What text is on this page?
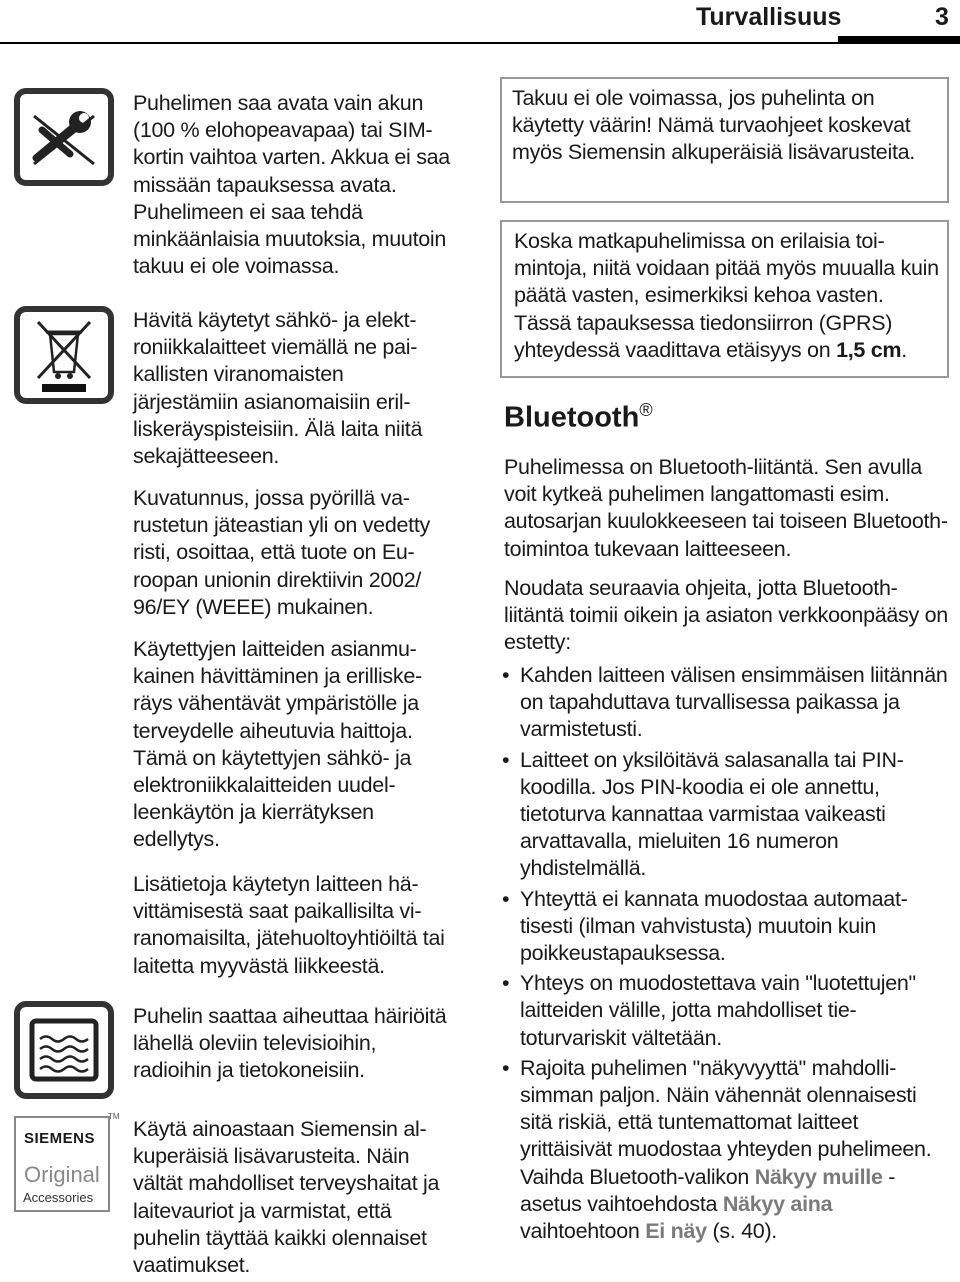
Turvallisuus	3
SIEMENS
Original
Accessories
TM
Puhelimen saa avata vain akun (100 % elohopeavapaa) tai SIM-kortin vaihtoa varten. Akkua ei saa missään tapauksessa avata. Puhelimeen ei saa tehdä minkäänlaisia muutoksia, muutoin takuu ei ole voimassa.
Hävitä käytetyt sähkö- ja elektroniikkalaitteet viemällä ne paikallisten viranomaisten järjestämiin asianomaisiin erilliskeräyspisteisiin. Älä laita niitä sekajätteeseen.
Kuvatunnus, jossa pyörillä varustetun jäteastian yli on vedetty risti, osoittaa, että tuote on Euroopan unionin direktiivin 2002/ 96/EY (WEEE) mukainen.
Käytettyjen laitteiden asianmukainen hävittäminen ja erilliskeräys vähentävät ympäristölle ja terveydelle aiheutuvia haittoja. Tämä on käytettyjen sähkö- ja elektroniikkalaitteiden uudelleenkäytön ja kierrätyksen edellytys.
Lisätietoja käytetyn laitteen hävittämisestä saat paikallisilta viranomaisilta, jätehuoltoyhtiöiltä tai laitetta myyvästä liikkeestä.
Puhelin saattaa aiheuttaa häiriöitä lähellä oleviin televisioihin, radioihin ja tietokoneisiin.
Käytä ainoastaan Siemensin alkuperäisiä lisävarusteita. Näin vältät mahdolliset terveyshaitat ja laitevauriot ja varmistat, että puhelin täyttää kaikki olennaiset vaatimukset.
Takuu ei ole voimassa, jos puhelinta on käytetty väärin! Nämä turvaohjeet koskevat myös Siemensin alkuperäisiä lisävarusteita.
Koska matkapuhelimissa on erilaisia toimintoja, niitä voidaan pitää myös muualla kuin päätä vasten, esimerkiksi kehoa vasten. Tässä tapauksessa tiedonsiirron (GPRS) yhteydessä vaadittava etäisyys on 1,5 cm.
Bluetooth®
Puhelimessa on Bluetooth-liitäntä. Sen avulla voit kytkeä puhelimen langattomasti esim. autosarjan kuulokkeeseen tai toiseen Bluetooth-toimintoa tukevaan laitteeseen.
Noudata seuraavia ohjeita, jotta Bluetoothliitäntä toimii oikein ja asiaton verkkoonpääsy on estetty:
• Kahden laitteen välisen ensimmäisen liitännän on tapahduttava turvallisessa paikassa ja varmistetusti.
• Laitteet on yksilöitävä salasanalla tai PIN-koodilla. Jos PIN-koodia ei ole annettu, tietoturva kannattaa varmistaa vaikeasti arvattavalla, mieluiten 16 numeron yhdistelmällä.
• Yhteyttä ei kannata muodostaa automaattisesti (ilman vahvistusta) muutoin kuin poikkeustapauksessa.
• Yhteys on muodostettava vain "luotettujen" laitteiden välille, jotta mahdolliset tietoturvariskit vältetään.
• Rajoita puhelimen "näkyvyyttä" mahdollisimman paljon. Näin vähennät olennaisesti sitä riskiä, että tuntemattomat laitteet yrittäisivät muodostaa yhteyden puhelimeen. Vaihda Bluetooth-valikon Näkyy muille -asetus vaihtoehdosta Näkyy aina vaihtoehtoon Ei näy (s. 40).
